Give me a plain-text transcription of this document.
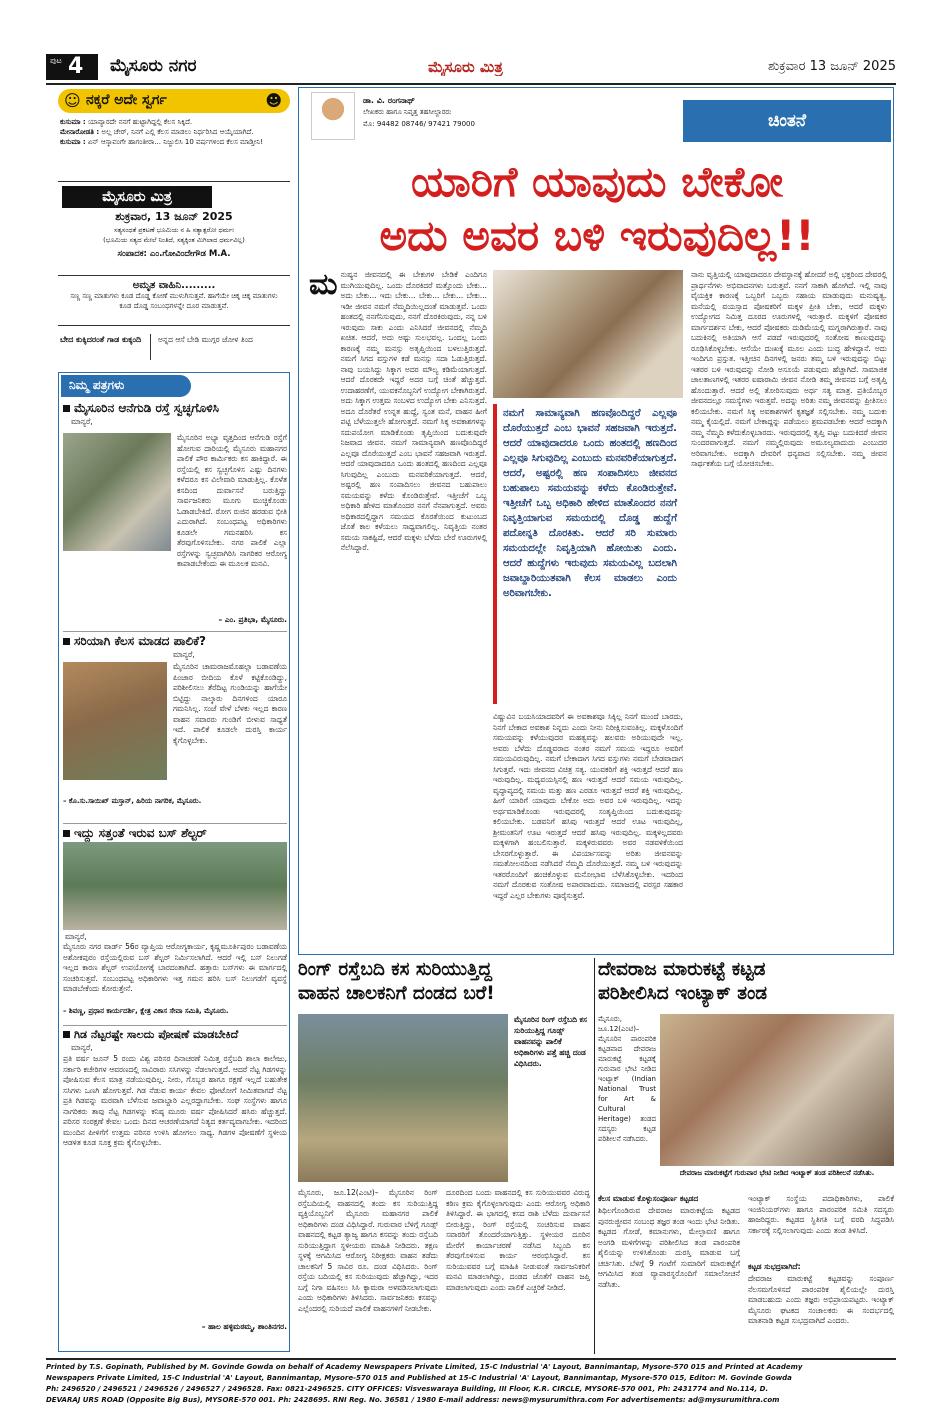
ಪುಟ 4 ಮೈಸೂರು ನಗರ	ಮೈಸೂರು ಮಿತ್ರ	ಶುಕ್ರವಾರ 13 ಜೂನ್ 2025
☺ ನಕ್ಕರೆ ಅದೇ ಸ್ವರ್ಗ	☻
ಕುಸುಮಾ : ಯಾವ್ಯಾರದೇ ನನಗೆ ಹುಟ್ಟಾಗಿದ್ದಲ್ಲಿ ಕೆಲಸ ಸಿಕ್ಕಿದೆ.
ಮೇನಾರೋಡತಿ : ಅಲ್ಲ ಚೇರ್, ನಿನಗೆ ಎಲ್ಲಿ ಕೆಲಸ ಮಾಡಲು ನಿರ್ಧರಿಸಿದ ಆಯ್ಕೆಯಾಗಿದೆ.
ಕುಸುಮಾ : ಏನ್ ಆಸ್ಕಾವಂಗೇ ಹಾಗಂತೀರಾ... ನಿಜ್ಜುಲಿಸಿ 10 ವರ್ಷಗಳಿಂದ ಕೆಲಸ ಮಾಡ್ತೀನಿ!
ಮೈಸೂರು ಮಿತ್ರ
ಶುಕ್ರವಾರ, 13 ಜೂನ್ 2025
ಸತ್ಯಸಂಧತೆ ಪ್ರಕಟಣೆ ಭೂಮಿಯ ನ ಹಿ ಸತ್ಯಾತ್ಪರೋ ಧರ್ಮಃ
(ಭೂಮಿಯ ಸತ್ಯದ ಮೇಲೆ ನಿಂತಿದೆ, ಸತ್ಯಕ್ಕಿಂತ ಮಿಗಿಲಾದ ಧರ್ಮವಿಲ್ಲ)
ಸಂಪಾದಕ: ಎಂ.ಗೋವಿಂದೇಗೌಡ M.A.
ಅಮೃತ ವಾಹಿನಿ.........
ಸಣ್ಣ ಸಣ್ಣ ಮಾತುಗಳು ಕೂಡ ದೊಡ್ಡ ಕೋಣೆ ಮುಳುಗಿಸುತ್ತವೆ. ಹಾಗೆಯೇ ಚಿಕ್ಕ ಚಿಕ್ಕ ಮಾತುಗಳು ಕೂಡ ದೊಡ್ಡ ಸಂಬಂಧಗಳನ್ನೇ ದೂರ ಮಾಡುತ್ತವೆ.
ಬೇದ ಕುಕ್ಕಿದರಂತೆ ಗಾಡ ಕುಕ್ಕಂದಿ	ಅನ್ನದ ಆಸೆ ಬೇಡಿ ಮುಗ್ಗರ ಜೋಳ ತಿಂದ
ನಿಮ್ಮ ಪತ್ರಗಳು
ಮೈಸೂರಿನ ಆನೆಗುಡಿ ರಸ್ತೆ ಸ್ವಚ್ಛಗೊಳಿಸಿ
ಮಾನ್ಯರೆ,
ಮೈಸೂರಿನ ಅಭ್ಯಾ ವೃತ್ತದಿಂದ ಆನೆಗುಡಿ ರಸ್ತೆಗೆ ಹೋಗುವ ದಾರಿಯಲ್ಲಿ ಮೈಸೂರು ಮಹಾನಗರ ಪಾಲಿಕೆ ಪೌರ ಕಾರ್ಮಿಕರು ಕಸ ಹಾಕಿದ್ದಾರೆ. ಈ ರಸ್ತೆಯಲ್ಲಿ ಕಸ ಸ್ವಚ್ಛಗೊಳಿಸ ಎಷ್ಟು ದಿನಗಳು ಕಳೆದರೂ ಕಸ ವಿಲೇವಾರಿ ಮಾಡುತ್ತಿಲ್ಲ. ಕೊಳೆತ ಕಸದಿಂದ ದುರ್ವಾಸನೆ ಬರುತ್ತಿದ್ದು ಸಾರ್ವಜನಿಕರು ಮೂಗು ಮುಚ್ಚಿಕೊಂಡು ಓಡಾಡಬೇಕಿದೆ. ರೋಗ ರುಜಿನ ಹರಡುವ ಭೀತಿ ಎದುರಾಗಿದೆ. ಸಂಬಂಧಪಟ್ಟ ಅಧಿಕಾರಿಗಳು ಕೂಡಲೇ ಗಮನಹರಿಸಿ ಕಸ ತೆರವುಗೊಳಿಸಬೇಕು. ನಗರ ಪಾಲಿಕೆ ಎಲ್ಲಾ ರಸ್ತೆಗಳನ್ನು ಸ್ವಚ್ಛವಾಗಿರಿಸಿ ನಾಗರಿಕರ ಆರೋಗ್ಯ ಕಾಪಾಡಬೇಕೆಂದು ಈ ಮೂಲಕ ಮನವಿ.
– ಎಂ. ಪ್ರತಿಭಾ, ಮೈಸೂರು.
ಸರಿಯಾಗಿ ಕೆಲಸ ಮಾಡದ ಪಾಲಿಕೆ?
ಮಾನ್ಯರೆ,
ಮೈಸೂರಿನ ಚಾಮರಾಜಮೊಹಲ್ಲಾ ಬಡಾವಣೆಯ ಪಿಂಜಾರ ಬೀದಿಯ ಕೊಳೆ ಕಟ್ಟಿಕೊಂಡಿದ್ದು, ಪರಿಶೀಲಿಸಲು ತೆರೆದಿಟ್ಟ ಗುಂಡಿಯನ್ನು ಹಾಗೆಯೇ ಬಿಟ್ಟಿದ್ದು ನಾಲ್ಕಾರು ದಿನಗಳಿಂದ ಯಾರೂ ಗಮನಿಸಿಲ್ಲ. ಸಂಜೆ ವೇಳೆ ಬೆಳಕು ಇಲ್ಲದ ಕಾರಣ ವಾಹನ ಸವಾರರು ಗುಂಡಿಗೆ ಬೀಳುವ ಸಾಧ್ಯತೆ ಇದೆ. ಪಾಲಿಕೆ ಕೂಡಲೇ ದುರಸ್ತಿ ಕಾರ್ಯ ಕೈಗೊಳ್ಳಬೇಕು.
– ಕೊ.ಸು.ಸಾಯಿಖ್ ಮಸ್ತಾನ್, ಹಿರಿಯ ನಾಗರಿಕ, ಮೈಸೂರು.
ಇದ್ದು ಸತ್ತಂತೆ ಇರುವ ಬಸ್ ಶೆಲ್ಟರ್
ಮಾನ್ಯರೆ,
ಮೈಸೂರು ನಗರ ವಾರ್ಡ್ 56ರ ವ್ಯಾಪ್ತಿಯ ಆರೋಗ್ಯಕಾರ್ಯ, ಕೃಷ್ಣಮೂರ್ತಿಪುರಂ ಬಡಾವಣೆಯ ಅಶೋಕಪುರಂ ರಸ್ತೆಯಲ್ಲಿರುವ ಬಸ್ ಶೆಲ್ಟರ್ ನಿರ್ಮಿಸಲಾಗಿದೆ. ಆದರೆ ಇಲ್ಲಿ ಬಸ್ ನಿಲುಗಡೆ ಇಲ್ಲದ ಕಾರಣ ಶೆಲ್ಟರ್ ಉಪಯೋಗಕ್ಕೆ ಬಾರದಂತಾಗಿದೆ. ಹತ್ತಾರು ಬಸ್‌ಗಳು ಈ ಮಾರ್ಗದಲ್ಲಿ ಸಂಚರಿಸುತ್ತವೆ. ಸಂಬಂಧಪಟ್ಟ ಅಧಿಕಾರಿಗಳು ಇತ್ತ ಗಮನ ಹರಿಸಿ ಬಸ್ ನಿಲುಗಡೆಗೆ ವ್ಯವಸ್ಥೆ ಮಾಡಬೇಕೆಂದು ಕೋರುತ್ತೇನೆ.
– ಶಿವಣ್ಣ, ಪ್ರಧಾನ ಕಾರ್ಯದರ್ಶಿ, ಕ್ಷೇತ್ರ ವಿಕಾಸ ಸೇವಾ ಸಮಿತಿ, ಮೈಸೂರು.
ಗಿಡ ನೆಟ್ಟರಷ್ಟೇ ಸಾಲದು ಪೋಷಣೆ ಮಾಡಬೇಕಿದೆ
ಮಾನ್ಯರೆ,
ಪ್ರತಿ ವರ್ಷ ಜೂನ್ 5 ರಂದು ವಿಶ್ವ ಪರಿಸರ ದಿನಾಚರಣೆ ನಿಮಿತ್ತ ರಸ್ತೆಬದಿ ಶಾಲಾ ಕಾಲೇಜು, ಸರ್ಕಾರಿ ಕಚೇರಿಗಳ ಆವರಣದಲ್ಲಿ ಸಾವಿರಾರು ಸಸಿಗಳನ್ನು ನೆಡಲಾಗುತ್ತದೆ. ಆದರೆ ನೆಟ್ಟ ಗಿಡಗಳನ್ನು ಪೋಷಿಸುವ ಕೆಲಸ ಮಾತ್ರ ನಡೆಯುವುದಿಲ್ಲ. ನೀರು, ಗೊಬ್ಬರ ಹಾಗೂ ರಕ್ಷಣೆ ಇಲ್ಲದೆ ಬಹುತೇಕ ಸಸಿಗಳು ಒಣಗಿ ಹೋಗುತ್ತವೆ. ಗಿಡ ನೆಡುವ ಕಾರ್ಯ ಕೇವಲ ಫೋಟೋಗೆ ಸೀಮಿತವಾಗದೆ ನೆಟ್ಟ ಪ್ರತಿ ಗಿಡವನ್ನು ಮರವಾಗಿ ಬೆಳೆಸುವ ಜವಾಬ್ದಾರಿ ಎಲ್ಲರದ್ದಾಗಬೇಕು. ಸಂಘ ಸಂಸ್ಥೆಗಳು ಹಾಗೂ ನಾಗರಿಕರು ತಾವು ನೆಟ್ಟ ಗಿಡಗಳನ್ನು ಕನಿಷ್ಠ ಮೂರು ವರ್ಷ ಪೋಷಿಸಿದರೆ ಹಸಿರು ಹೆಚ್ಚುತ್ತದೆ. ಪರಿಸರ ಸಂರಕ್ಷಣೆ ಕೇವಲ ಒಂದು ದಿನದ ಆಚರಣೆಯಾಗದೆ ನಿತ್ಯದ ಕರ್ತವ್ಯವಾಗಬೇಕು. ಇದರಿಂದ ಮುಂದಿನ ಪೀಳಿಗೆಗೆ ಉತ್ತಮ ಪರಿಸರ ಉಳಿಸಿ ಹೋಗಲು ಸಾಧ್ಯ. ಗಿಡಗಳ ಪೋಷಣೆಗೆ ಸ್ಥಳೀಯ ಆಡಳಿತ ಕೂಡ ಸೂಕ್ತ ಕ್ರಮ ಕೈಗೊಳ್ಳಬೇಕು.
– ಹಾಲ ಹಳ್ಳಿಮಠಮ್ಮ, ಶಾಂತಿನಗರ.
ಡಾ. ವಿ. ರಂಗನಾಥ್
ಲೇಖಕರು ಹಾಗೂ ನಿವೃತ್ತ ತಹಸೀಲ್ದಾರರು
ಮೊ: 94482 08746/ 97421 79000	ಚಿಂತನೆ
ಯಾರಿಗೆ ಯಾವುದು ಬೇಕೋ
ಅದು ಅವರ ಬಳಿ ಇರುವುದಿಲ್ಲ!!
ಮ ನುಷ್ಯನ ಜೀವನದಲ್ಲಿ ಈ ಬೇಕುಗಳ ಬೇಡಿಕೆ ಎಂದಿಗೂ ಮುಗಿಯುವುದಿಲ್ಲ. ಒಂದು ದೊರಕಿದರೆ ಮತ್ತೊಂದು ಬೇಕು... ಅದು ಬೇಕು... ಇದು ಬೇಕು... ಬೇಕು... ಬೇಕು... ಬೇಕು... ಇಡೀ ಜೀವನ ನಮಗೆ ನೆಮ್ಮದಿಯಿಲ್ಲದಂತೆ ಮಾಡುತ್ತವೆ. ಒಂದು ಹಂತದಲ್ಲಿ ನನಗೆನಿಸುವುದು, ನನಗೆ ದೊರಕಿರುವುದು, ನನ್ನ ಬಳಿ ಇರುವುದು ಸಾಕು ಎಂದು ಎನಿಸಿದರೆ ಜೀವನದಲ್ಲಿ ನೆಮ್ಮದಿ ಖಚಿತ. ಆದರೆ, ಅದು ಅಷ್ಟು ಸುಲಭವಲ್ಲ. ಒಂದಲ್ಲ ಒಂದು ಕಾರಣಕ್ಕೆ ನಮ್ಮ ಮನಸ್ಸು ಅತೃಪ್ತಿಯಿಂದ ಬಳಲುತ್ತಿರುತ್ತದೆ. ನಮಗೆ ಸಿಗದ ವಸ್ತುಗಳ ಕಡೆ ಮನಸ್ಸು ಸದಾ ಓಡುತ್ತಿರುತ್ತದೆ. ನಾವು ಬಯಸಿದ್ದು ಸಿಕ್ಕಾಗ ಅದರ ಮೌಲ್ಯ ಕಡಿಮೆಯಾಗುತ್ತದೆ. ಆದರೆ ದೊರಕದೇ ಇದ್ದರೆ ಅದರ ಬಗ್ಗೆ ಚಿಂತೆ ಹೆಚ್ಚುತ್ತದೆ. ಉದಾಹರಣೆಗೆ, ಯುವಕನೊಬ್ಬನಿಗೆ ಉದ್ಯೋಗ ಬೇಕಾಗಿರುತ್ತದೆ. ಅದು ಸಿಕ್ಕಾಗ ಉತ್ತಮ ಸಂಬಳದ ಉದ್ಯೋಗ ಬೇಕು ಎನಿಸುತ್ತದೆ. ಅದೂ ದೊರೆತರೆ ಉನ್ನತ ಹುದ್ದೆ, ಸ್ವಂತ ಮನೆ, ವಾಹನ ಹೀಗೆ ಪಟ್ಟಿ ಬೆಳೆಯುತ್ತಲೇ ಹೋಗುತ್ತದೆ. ನಮಗೆ ಸಿಕ್ಕ ಅವಕಾಶಗಳನ್ನು ಸದುಪಯೋಗ ಮಾಡಿಕೊಂಡು ತೃಪ್ತಿಯಿಂದ ಬದುಕುವುದೇ ನಿಜವಾದ ಜೀವನ. ನಮಗೆ ಸಾಮಾನ್ಯವಾಗಿ ಹಣವೊಂದಿದ್ದರೆ ಎಲ್ಲವೂ ದೊರೆಯುತ್ತದೆ ಎಂಬ ಭಾವನೆ ಸಹಜವಾಗಿ ಇರುತ್ತದೆ. ಆದರೆ ಯಾವುದಾದರೂ ಒಂದು ಹಂತದಲ್ಲಿ ಹಣದಿಂದ ಎಲ್ಲವೂ ಸಿಗುವುದಿಲ್ಲ ಎಂಬುದು ಮನವರಿಕೆಯಾಗುತ್ತದೆ. ಆದರೆ, ಅಷ್ಟರಲ್ಲಿ ಹಣ ಸಂಪಾದಿಸಲು ಜೀವನದ ಬಹುಪಾಲು ಸಮಯವನ್ನು ಕಳೆದು ಕೊಂಡಿರುತ್ತೇವೆ. ಇತ್ತೀಚೆಗೆ ಒಬ್ಬ ಅಧಿಕಾರಿ ಹೇಳಿದ ಮಾತೊಂದರ ನನಗೆ ನೆನಪಾಗುತ್ತದೆ. ಅವರು ಅಧಿಕಾರದಲ್ಲಿದ್ದಾಗ ಸಮಯದ ಕೊರತೆಯಿಂದ ಕುಟುಂಬದ ಜೊತೆ ಕಾಲ ಕಳೆಯಲು ಸಾಧ್ಯವಾಗಲಿಲ್ಲ. ನಿವೃತ್ತಿಯ ನಂತರ ಸಮಯ ಸಾಕಷ್ಟಿದೆ, ಆದರೆ ಮಕ್ಕಳು ಬೆಳೆದು ಬೇರೆ ಊರುಗಳಲ್ಲಿ ನೆಲೆಸಿದ್ದಾರೆ.
ನಮಗೆ ಸಾಮಾನ್ಯವಾಗಿ ಹಣವೊಂದಿದ್ದರೆ ಎಲ್ಲವೂ ದೊರೆಯುತ್ತದೆ ಎಂಬ ಭಾವನೆ ಸಹಜವಾಗಿ ಇರುತ್ತದೆ. ಆದರೆ ಯಾವುದಾದರೂ ಒಂದು ಹಂತದಲ್ಲಿ ಹಣದಿಂದ ಎಲ್ಲವೂ ಸಿಗುವುದಿಲ್ಲ ಎಂಬುದು ಮನವರಿಕೆಯಾಗುತ್ತದೆ. ಆದರೆ, ಅಷ್ಟರಲ್ಲಿ ಹಣ ಸಂಪಾದಿಸಲು ಜೀವನದ ಬಹುಪಾಲು ಸಮಯವನ್ನು ಕಳೆದು ಕೊಂಡಿರುತ್ತೇವೆ. ಇತ್ತೀಚೆಗೆ ಒಬ್ಬ ಅಧಿಕಾರಿ ಹೇಳಿದ ಮಾತೊಂದರ ನನಗೆ ನಿವೃತ್ತಿಯಾಗುವ ಸಮಯದಲ್ಲಿ ದೊಡ್ಡ ಹುದ್ದೆಗೆ ಪದೋನ್ನತಿ ದೊರಕಿತು. ಆದರೆ ಸರಿ ಸುಮಾರು ಸಮಯದಲ್ಲೇ ನಿವೃತ್ತಿಯಾಗಿ ಹೋಯಿತು ಎಂದು. ಆದರೆ ಹುದ್ದೆಗಳು ಇರುವುದು ಸಮಯವಿಲ್ಲ ಬದಲಾಗಿ ಜವಾಬ್ದಾರಿಯುತವಾಗಿ ಕೆಲಸ ಮಾಡಲು ಎಂದು ಅರಿವಾಗಬೇಕು.
ವಿಷ್ಣುವಿನ ಬಯಸಿಯಾದವರಿಗೆ ಈ ಅವಕಾಶವೂ ಸಿಕ್ಕಿಲ್ಲ ನಿನಗೆ ಮುಂದೆ ಬಾರದು, ನಿನಗೆ ಬೇಕಾದ ಅವಕಾಶ ನಿನ್ನದು ಎಂದು ನೀನು ನಿರೀಕ್ಷಿಸುವಂತಿಲ್ಲ. ಮಕ್ಕಳೊಂದಿಗೆ ಸಮಯವನ್ನು ಕಳೆಯುವುದರ ಮಹತ್ವವನ್ನು ಹಲವರು ಅರಿಯುವುದೇ ಇಲ್ಲ. ಅವರು ಬೆಳೆದು ದೊಡ್ಡವರಾದ ನಂತರ ನಮಗೆ ಸಮಯ ಇದ್ದರೂ ಅವರಿಗೆ ಸಮಯವಿರುವುದಿಲ್ಲ. ನಮಗೆ ಬೇಕಾದಾಗ ಸಿಗದ ವಸ್ತುಗಳು ನಮಗೆ ಬೇಡವಾದಾಗ ಸಿಗುತ್ತವೆ. ಇದು ಜೀವನದ ವಿಚಿತ್ರ ಸತ್ಯ. ಯುವಕರಿಗೆ ಶಕ್ತಿ ಇರುತ್ತದೆ ಆದರೆ ಹಣ ಇರುವುದಿಲ್ಲ. ಮಧ್ಯವಯಸ್ಸಿನಲ್ಲಿ ಹಣ ಇರುತ್ತದೆ ಆದರೆ ಸಮಯ ಇರುವುದಿಲ್ಲ. ವೃದ್ಧಾಪ್ಯದಲ್ಲಿ ಸಮಯ ಮತ್ತು ಹಣ ಎರಡೂ ಇರುತ್ತದೆ ಆದರೆ ಶಕ್ತಿ ಇರುವುದಿಲ್ಲ. ಹೀಗೆ ಯಾರಿಗೆ ಯಾವುದು ಬೇಕೋ ಅದು ಅವರ ಬಳಿ ಇರುವುದಿಲ್ಲ. ಇದನ್ನು ಅರ್ಥಮಾಡಿಕೊಂಡು ಇರುವುದರಲ್ಲಿ ಸಂತೃಪ್ತಿಯಿಂದ ಬದುಕುವುದನ್ನು ಕಲಿಯಬೇಕು. ಬಡವನಿಗೆ ಹಸಿವು ಇರುತ್ತದೆ ಆದರೆ ಊಟ ಇರುವುದಿಲ್ಲ, ಶ್ರೀಮಂತನಿಗೆ ಊಟ ಇರುತ್ತದೆ ಆದರೆ ಹಸಿವು ಇರುವುದಿಲ್ಲ. ಮಕ್ಕಳಿಲ್ಲದವರು ಮಕ್ಕಳಿಗಾಗಿ ಹಂಬಲಿಸುತ್ತಾರೆ. ಮಕ್ಕಳಿರುವವರು ಅವರ ನಡವಳಿಕೆಯಿಂದ ಬೇಸರಗೊಳ್ಳುತ್ತಾರೆ. ಈ ವಿಪರ್ಯಾಸವನ್ನು ಅರಿತು ಜೀವನವನ್ನು ಸಮತೋಲನದಿಂದ ನಡೆಸಿದರೆ ನೆಮ್ಮದಿ ದೊರೆಯುತ್ತದೆ. ನಮ್ಮ ಬಳಿ ಇರುವುದನ್ನು ಇತರರೊಂದಿಗೆ ಹಂಚಿಕೊಳ್ಳುವ ಮನೋಭಾವ ಬೆಳೆಸಿಕೊಳ್ಳಬೇಕು. ಇದರಿಂದ ನಮಗೆ ದೊರಕುವ ಸಂತೋಷ ಅಪಾರವಾದುದು. ಸಮಾಜದಲ್ಲಿ ಪರಸ್ಪರ ಸಹಕಾರ ಇದ್ದರೆ ಎಲ್ಲರ ಬೇಕುಗಳು ಪೂರೈಸುತ್ತವೆ.
ನಾನು ವೃತ್ತಿಯಲ್ಲಿ ಯಾವುದಾದರೂ ದೇವಸ್ಥಾನಕ್ಕೆ ಹೋದರೆ ಅಲ್ಲಿ ಭಕ್ತರಿಂದ ದೇವರಲ್ಲಿ ಪ್ರಾರ್ಥನೆಗಳು ಅಭಿವಾದನಗಳು ಬರುತ್ತವೆ. ನನಗೆ ಸಾಕಾಗಿ ಹೋಗಿದೆ. ಇಲ್ಲಿ ನಾವು ವೈಯಕ್ತಿಕ ಕಾರಣಕ್ಕೆ ಒಬ್ಬರಿಗೆ ಒಬ್ಬರು ಸಹಾಯ ಮಾಡುವುದು ಮನುಷ್ಯತ್ವ. ಮನೆಯಲ್ಲಿ ವಯಸ್ಸಾದ ಪೋಷಕರಿಗೆ ಮಕ್ಕಳ ಪ್ರೀತಿ ಬೇಕು, ಆದರೆ ಮಕ್ಕಳು ಉದ್ಯೋಗದ ನಿಮಿತ್ತ ದೂರದ ಊರುಗಳಲ್ಲಿ ಇರುತ್ತಾರೆ. ಮಕ್ಕಳಿಗೆ ಪೋಷಕರ ಮಾರ್ಗದರ್ಶನ ಬೇಕು, ಆದರೆ ಪೋಷಕರು ದುಡಿಮೆಯಲ್ಲಿ ಮಗ್ನರಾಗಿರುತ್ತಾರೆ. ನಾವು ಬದುಕಿನಲ್ಲಿ ಅತಿಯಾಗಿ ಆಸೆ ಪಡದೆ ಇರುವುದರಲ್ಲಿ ಸಂತೋಷ ಕಾಣುವುದನ್ನು ರೂಢಿಸಿಕೊಳ್ಳಬೇಕು. ಆಸೆಯೇ ದುಃಖಕ್ಕೆ ಮೂಲ ಎಂದು ಬುದ್ಧ ಹೇಳಿದ್ದಾನೆ. ಅದು ಇಂದಿಗೂ ಪ್ರಸ್ತುತ. ಇತ್ತೀಚಿನ ದಿನಗಳಲ್ಲಿ ಜನರು ತಮ್ಮ ಬಳಿ ಇರುವುದನ್ನು ಬಿಟ್ಟು ಇತರರ ಬಳಿ ಇರುವುದನ್ನು ನೋಡಿ ಅಸೂಯೆ ಪಡುವುದು ಹೆಚ್ಚಾಗಿದೆ. ಸಾಮಾಜಿಕ ಜಾಲತಾಣಗಳಲ್ಲಿ ಇತರರ ಐಷಾರಾಮಿ ಜೀವನ ನೋಡಿ ತಮ್ಮ ಜೀವನದ ಬಗ್ಗೆ ಅತೃಪ್ತಿ ಹೊಂದುತ್ತಾರೆ. ಆದರೆ ಅಲ್ಲಿ ತೋರಿಸುವುದು ಅರ್ಧ ಸತ್ಯ ಮಾತ್ರ. ಪ್ರತಿಯೊಬ್ಬರ ಜೀವನದಲ್ಲೂ ಸಮಸ್ಯೆಗಳು ಇರುತ್ತವೆ. ಅದನ್ನು ಅರಿತು ನಮ್ಮ ಜೀವನವನ್ನು ಪ್ರೀತಿಸಲು ಕಲಿಯಬೇಕು. ನಮಗೆ ಸಿಕ್ಕ ಅವಕಾಶಗಳಿಗೆ ಕೃತಜ್ಞತೆ ಸಲ್ಲಿಸಬೇಕು. ನಮ್ಮ ಬದುಕು ನಮ್ಮ ಕೈಯಲ್ಲಿದೆ. ನಮಗೆ ಬೇಕಾದ್ದನ್ನು ಪಡೆಯಲು ಶ್ರಮಪಡಬೇಕು ಆದರೆ ಅದಕ್ಕಾಗಿ ನಮ್ಮ ನೆಮ್ಮದಿ ಕಳೆದುಕೊಳ್ಳಬಾರದು. ಇರುವುದರಲ್ಲಿ ತೃಪ್ತಿ ಪಟ್ಟು ಬದುಕಿದರೆ ಜೀವನ ಸುಂದರವಾಗುತ್ತದೆ. ನಮಗೆ ನಮ್ಮಲ್ಲಿರುವುದು ಅಮೂಲ್ಯವಾದುದು ಎಂಬುದರ ಅರಿವಾಗಬೇಕು. ಅದಕ್ಕಾಗಿ ದೇವರಿಗೆ ಧನ್ಯವಾದ ಸಲ್ಲಿಸಬೇಕು. ನಮ್ಮ ಜೀವನ ಸಾರ್ಥಕತೆಯ ಬಗ್ಗೆ ಯೋಚಿಸಬೇಕು.
ರಿಂಗ್ ರಸ್ತೆಬದಿ ಕಸ ಸುರಿಯುತ್ತಿದ್ದ
ವಾಹನ ಚಾಲಕನಿಗೆ ದಂಡದ ಬರೆ!
ಮೈಸೂರಿನ ರಿಂಗ್ ರಸ್ತೆಬದಿ ಕಸ ಸುರಿಯುತ್ತಿದ್ದ ಗೂಡ್ಸ್ ವಾಹನವನ್ನು ಪಾಲಿಕೆ ಅಧಿಕಾರಿಗಳು ಪತ್ತೆ ಹಚ್ಚಿ ದಂಡ ವಿಧಿಸಿದರು.
ಮೈಸೂರು, ಜೂ.12(ಎಂಟಿ)– ಮೈಸೂರಿನ ರಿಂಗ್ ರಸ್ತೆಬದಿಯಲ್ಲಿ ವಾಹನದಲ್ಲಿ ತಂದು ಕಸ ಸುರಿಯುತ್ತಿದ್ದ ವ್ಯಕ್ತಿಯೊಬ್ಬನಿಗೆ ಮೈಸೂರು ಮಹಾನಗರ ಪಾಲಿಕೆ ಅಧಿಕಾರಿಗಳು ದಂಡ ವಿಧಿಸಿದ್ದಾರೆ. ಗುರುವಾರ ಬೆಳಿಗ್ಗೆ ಗೂಡ್ಸ್ ವಾಹನದಲ್ಲಿ ಕಟ್ಟಡ ತ್ಯಾಜ್ಯ ಹಾಗೂ ಕಸವನ್ನು ತಂದು ರಸ್ತೆಬದಿ ಸುರಿಯುತ್ತಿದ್ದಾಗ ಸ್ಥಳೀಯರು ಮಾಹಿತಿ ನೀಡಿದರು. ತಕ್ಷಣ ಸ್ಥಳಕ್ಕೆ ಆಗಮಿಸಿದ ಆರೋಗ್ಯ ನಿರೀಕ್ಷಕರು ವಾಹನ ತಡೆದು ಚಾಲಕನಿಗೆ 5 ಸಾವಿರ ರೂ. ದಂಡ ವಿಧಿಸಿದರು. ರಿಂಗ್ ರಸ್ತೆಯ ಬದಿಯಲ್ಲಿ ಕಸ ಸುರಿಯುವುದು ಹೆಚ್ಚಾಗಿದ್ದು, ಇದರ ಬಗ್ಗೆ ನಿಗಾ ವಹಿಸಲು ಸಿಸಿ ಕ್ಯಾಮರಾ ಅಳವಡಿಸಲಾಗುವುದು ಎಂದು ಅಧಿಕಾರಿಗಳು ತಿಳಿಸಿದರು. ಸಾರ್ವಜನಿಕರು ಕಸವನ್ನು ಎಲ್ಲೆಂದರಲ್ಲಿ ಸುರಿಯದೆ ಪಾಲಿಕೆ ವಾಹನಗಳಿಗೆ ನೀಡಬೇಕು.
ದೂರದಿಂದ ಬಂದು ವಾಹನದಲ್ಲಿ ಕಸ ಸುರಿಯುವವರ ವಿರುದ್ಧ ಕಠಿಣ ಕ್ರಮ ಕೈಗೊಳ್ಳಲಾಗುವುದು ಎಂದು ಆರೋಗ್ಯ ಅಧಿಕಾರಿ ತಿಳಿಸಿದ್ದಾರೆ. ಈ ಭಾಗದಲ್ಲಿ ಕಸದ ರಾಶಿ ಬೆಳೆದು ದುರ್ವಾಸನೆ ಬೀರುತ್ತಿದ್ದು, ರಿಂಗ್ ರಸ್ತೆಯಲ್ಲಿ ಸಂಚರಿಸುವ ವಾಹನ ಸವಾರರಿಗೆ ತೊಂದರೆಯಾಗುತ್ತಿತ್ತು. ಸ್ಥಳೀಯರ ದೂರಿನ ಮೇರೆಗೆ ಕಾರ್ಯಾಚರಣೆ ನಡೆಸಿದ ಸಿಬ್ಬಂದಿ ಕಸ ತೆರವುಗೊಳಿಸುವ ಕಾರ್ಯ ಆರಂಭಿಸಿದ್ದಾರೆ. ಕಸ ಸುರಿಯುವವರ ಬಗ್ಗೆ ಮಾಹಿತಿ ನೀಡುವಂತೆ ಸಾರ್ವಜನಿಕರಿಗೆ ಮನವಿ ಮಾಡಲಾಗಿದ್ದು, ದಂಡದ ಜೊತೆಗೆ ವಾಹನ ಜಪ್ತಿ ಮಾಡಲಾಗುವುದು ಎಂದು ಪಾಲಿಕೆ ಎಚ್ಚರಿಕೆ ನೀಡಿದೆ.
ದೇವರಾಜ ಮಾರುಕಟ್ಟೆ ಕಟ್ಟಡ
ಪರಿಶೀಲಿಸಿದ ಇಂಟ್ಯಾಕ್ ತಂಡ
ಮೈಸೂರು, ಜೂ.12(ಎಂಟಿ)– ಮೈಸೂರಿನ ಪಾರಂಪರಿಕ ಕಟ್ಟಡವಾದ ದೇವರಾಜ ಮಾರುಕಟ್ಟೆ ಕಟ್ಟಡಕ್ಕೆ ಗುರುವಾರ ಭೇಟಿ ನೀಡಿದ ಇಂಟ್ಯಾಕ್ (Indian National Trust for Art & Cultural Heritage) ತಂಡದ ಸದಸ್ಯರು ಕಟ್ಟಡ ಪರಿಶೀಲನೆ ನಡೆಸಿದರು.
ದೇವರಾಜ ಮಾರುಕಟ್ಟೆಗೆ ಗುರುವಾರ ಭೇಟಿ ನೀಡಿದ ಇಂಟ್ಯಾಕ್ ತಂಡ ಪರಿಶೀಲನೆ ನಡೆಸಿತು.
ಕೆಲಸ ಮಾಡುವ ಕೊಳ್ಳುಸಂಪೂರ್ಣ ಕಟ್ಟಡದ
ಶಿಥಿಲಗೊಂಡಿರುವ ದೇವರಾಜ ಮಾರುಕಟ್ಟೆಯ ಕಟ್ಟಡದ ಪುನರುಜ್ಜೀವನ ಸಂಬಂಧ ತಜ್ಞರ ತಂಡ ಇಂದು ಭೇಟಿ ನೀಡಿತು. ಕಟ್ಟಡದ ಗೋಡೆ, ಕಮಾನುಗಳು, ಮೇಲ್ಛಾವಣಿ ಹಾಗೂ ಅಂಗಡಿ ಮಳಿಗೆಗಳನ್ನು ಪರಿಶೀಲಿಸಿದ ತಂಡ ಪಾರಂಪರಿಕ ಶೈಲಿಯನ್ನು ಉಳಿಸಿಕೊಂಡು ದುರಸ್ತಿ ಮಾಡುವ ಬಗ್ಗೆ ಚರ್ಚಿಸಿತು. ಬೆಳಿಗ್ಗೆ 9 ಗಂಟೆಗೆ ಸುಮಾರಿಗೆ ಮಾರುಕಟ್ಟೆಗೆ ಆಗಮಿಸಿದ ತಂಡ ವ್ಯಾಪಾರಸ್ಥರೊಂದಿಗೆ ಸಮಾಲೋಚನೆ ನಡೆಸಿತು.
ಇಂಟ್ಯಾಕ್ ಸಂಸ್ಥೆಯ ಪದಾಧಿಕಾರಿಗಳು, ಪಾಲಿಕೆ ಇಂಜಿನಿಯರ್‌ಗಳು ಹಾಗೂ ಪಾರಂಪರಿಕ ಸಮಿತಿ ಸದಸ್ಯರು ಹಾಜರಿದ್ದರು. ಕಟ್ಟಡದ ಸ್ಥಿತಿಗತಿ ಬಗ್ಗೆ ವರದಿ ಸಿದ್ಧಪಡಿಸಿ ಸರ್ಕಾರಕ್ಕೆ ಸಲ್ಲಿಸಲಾಗುವುದು ಎಂದು ತಂಡ ತಿಳಿಸಿದೆ.
ಕಟ್ಟಡ ಸುಭದ್ರವಾಗಿದೆ:
ದೇವರಾಜ ಮಾರುಕಟ್ಟೆ ಕಟ್ಟಡವನ್ನು ಸಂಪೂರ್ಣ ನೆಲಸಮಗೊಳಿಸದೆ ಪಾರಂಪರಿಕ ಶೈಲಿಯಲ್ಲೇ ದುರಸ್ತಿ ಮಾಡಬಹುದು ಎಂದು ತಜ್ಞರು ಅಭಿಪ್ರಾಯಪಟ್ಟರು. ಇಂಟ್ಯಾಕ್ ಮೈಸೂರು ಘಟಕದ ಸಂಚಾಲಕರು ಈ ಸಂದರ್ಭದಲ್ಲಿ ಮಾತನಾಡಿ ಕಟ್ಟಡ ಸುಭದ್ರವಾಗಿದೆ ಎಂದರು.
Printed by T.S. Gopinath, Published by M. Govinde Gowda on behalf of Academy Newspapers Private Limited, 15-C Industrial 'A' Layout, Bannimantap, Mysore-570 015 and Printed at Academy
Newspapers Private Limited, 15-C Industrial 'A' Layout, Bannimantap, Mysore-570 015 and Published at 15-C Industrial 'A' Layout, Bannimantap, Mysore-570 015, Editor: M. Govinde Gowda
Ph: 2496520 / 2496521 / 2496526 / 2496527 / 2496528. Fax: 0821-2496525. CITY OFFICES: Visveswaraya Building, III Floor, K.R. CIRCLE, MYSORE-570 001, Ph: 2431774 and No.114, D.
DEVARAJ URS ROAD (Opposite Big Bus), MYSORE-570 001. Ph: 2428695. RNI Reg. No. 36581 / 1980 E-mail address: news@mysurumithra.com For advertisements: ad@mysurumithra.com
